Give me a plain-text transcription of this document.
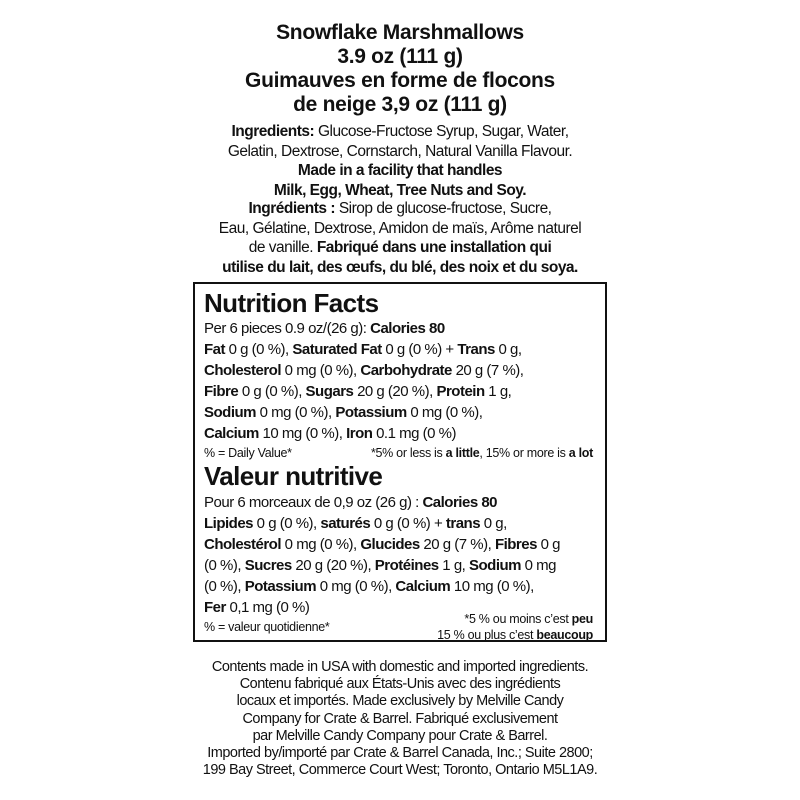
Snowflake Marshmallows
3.9 oz (111 g)
Guimauves en forme de flocons
de neige 3,9 oz (111 g)
Ingredients: Glucose-Fructose Syrup, Sugar, Water,
Gelatin, Dextrose, Cornstarch, Natural Vanilla Flavour.
Made in a facility that handles
Milk, Egg, Wheat, Tree Nuts and Soy.
Ingrédients : Sirop de glucose-fructose, Sucre,
Eau, Gélatine, Dextrose, Amidon de maïs, Arôme naturel
de vanille. Fabriqué dans une installation qui
utilise du lait, des œufs, du blé, des noix et du soya.
Nutrition Facts
Per 6 pieces 0.9 oz/(26 g): Calories 80
Fat 0 g (0 %), Saturated Fat 0 g (0 %) + Trans 0 g,
Cholesterol 0 mg (0 %), Carbohydrate 20 g (7 %),
Fibre 0 g (0 %), Sugars 20 g (20 %), Protein 1 g,
Sodium 0 mg (0 %), Potassium 0 mg (0 %),
Calcium 10 mg (0 %), Iron 0.1 mg (0 %)
% = Daily Value*	*5% or less is a little, 15% or more is a lot
Valeur nutritive
Pour 6 morceaux de 0,9 oz (26 g) : Calories 80
Lipides 0 g (0 %), saturés 0 g (0 %) + trans 0 g,
Cholestérol 0 mg (0 %), Glucides 20 g (7 %), Fibres 0 g
(0 %), Sucres 20 g (20 %), Protéines 1 g, Sodium 0 mg
(0 %), Potassium 0 mg (0 %), Calcium 10 mg (0 %),
Fer 0,1 mg (0 %)
% = valeur quotidienne*
*5 % ou moins c’est peu
15 % ou plus c’est beaucoup
Contents made in USA with domestic and imported ingredients.
Contenu fabriqué aux États-Unis avec des ingrédients
locaux et importés. Made exclusively by Melville Candy
Company for Crate & Barrel. Fabriqué exclusivement
par Melville Candy Company pour Crate & Barrel.
Imported by/importé par Crate & Barrel Canada, Inc.; Suite 2800;
199 Bay Street, Commerce Court West; Toronto, Ontario M5L1A9.
